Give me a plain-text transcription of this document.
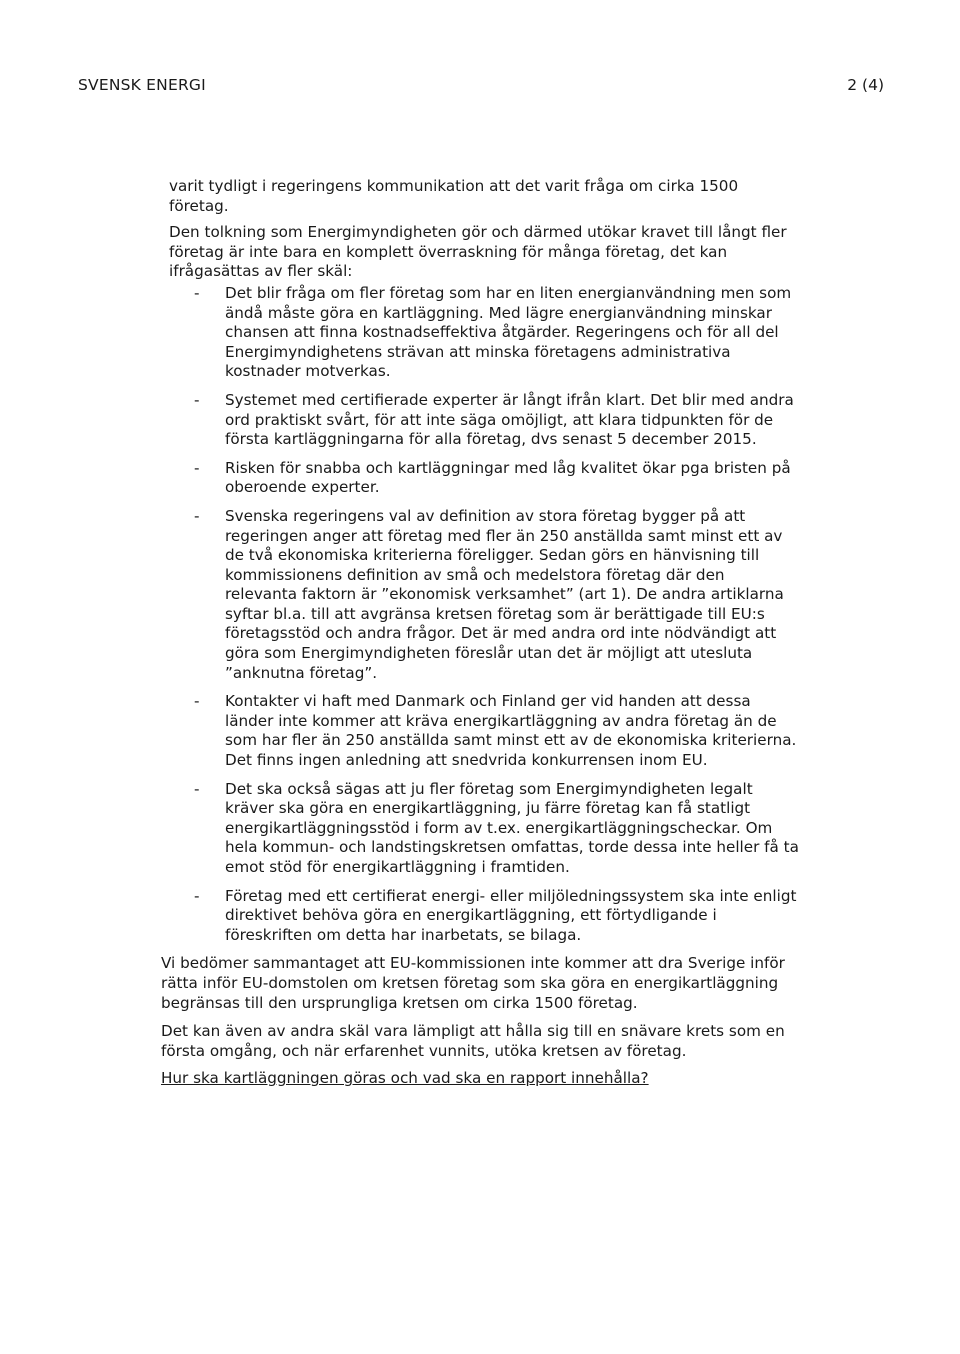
SVENSK ENERGI	2 (4)

varit tydligt i regeringens kommunikation att det varit fråga om cirka 1500 företag.

Den tolkning som Energimyndigheten gör och därmed utökar kravet till långt fler företag är inte bara en komplett överraskning för många företag, det kan ifrågasättas av fler skäl:

- Det blir fråga om fler företag som har en liten energianvändning men som ändå måste göra en kartläggning. Med lägre energianvändning minskar chansen att finna kostnadseffektiva åtgärder. Regeringens och för all del Energimyndighetens strävan att minska företagens administrativa kostnader motverkas.
- Systemet med certifierade experter är långt ifrån klart. Det blir med andra ord praktiskt svårt, för att inte säga omöjligt, att klara tidpunkten för de första kartläggningarna för alla företag, dvs senast 5 december 2015.
- Risken för snabba och kartläggningar med låg kvalitet ökar pga bristen på oberoende experter.
- Svenska regeringens val av definition av stora företag bygger på att regeringen anger att företag med fler än 250 anställda samt minst ett av de två ekonomiska kriterierna föreligger. Sedan görs en hänvisning till kommissionens definition av små och medelstora företag där den relevanta faktorn är ”ekonomisk verksamhet” (art 1). De andra artiklarna syftar bl.a. till att avgränsa kretsen företag som är berättigade till EU:s företagsstöd och andra frågor. Det är med andra ord inte nödvändigt att göra som Energimyndigheten föreslår utan det är möjligt att utesluta ”anknutna företag”.
- Kontakter vi haft med Danmark och Finland ger vid handen att dessa länder inte kommer att kräva energikartläggning av andra företag än de som har fler än 250 anställda samt minst ett av de ekonomiska kriterierna. Det finns ingen anledning att snedvrida konkurrensen inom EU.
- Det ska också sägas att ju fler företag som Energimyndigheten legalt kräver ska göra en energikartläggning, ju färre företag kan få statligt energikartläggningsstöd i form av t.ex. energikartläggningscheckar. Om hela kommun- och landstingskretsen omfattas, torde dessa inte heller få ta emot stöd för energikartläggning i framtiden.
- Företag med ett certifierat energi- eller miljöledningssystem ska inte enligt direktivet behöva göra en energikartläggning, ett förtydligande i föreskriften om detta har inarbetats, se bilaga.

Vi bedömer sammantaget att EU-kommissionen inte kommer att dra Sverige inför rätta inför EU-domstolen om kretsen företag som ska göra en energikartläggning begränsas till den ursprungliga kretsen om cirka 1500 företag.

Det kan även av andra skäl vara lämpligt att hålla sig till en snävare krets som en första omgång, och när erfarenhet vunnits, utöka kretsen av företag.

Hur ska kartläggningen göras och vad ska en rapport innehålla?
